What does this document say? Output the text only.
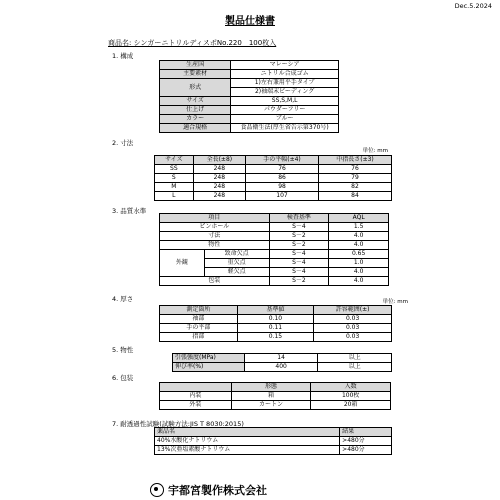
Dec.5.2024
製品仕様書
商品名: シンガーニトリルディスポNo.220　100枚入
1. 構成
生産国	マレーシア
主要素材	ニトリル合成ゴム
形式	1)左右兼用平手タイプ
	2)袖端末ビーディング
サイズ	SS,S,M,L
仕上げ	パウダーフリー
カラー	ブルー
適合規格	食品衛生法(厚生省告示第370号)
2. 寸法
単位: mm
サイズ	全長(±8)	手の平幅(±4)	中指長さ(±3)
SS	248	76	76
S	248	86	79
M	248	98	82
L	248	107	84
3. 品質水準
項目		検査基準	AQL
ピンホール		S－4	1.5
寸法		S－2	4.0
物性		S－2	4.0
外観	致命欠点	S－4	0.65
	重欠点	S－4	1.0
	軽欠点	S－4	4.0
包装		S－2	4.0
4. 厚さ	単位: mm
測定箇所	基準値	許容範囲(±)
袖部	0.10	0.03
手の平部	0.11	0.03
指部	0.15	0.03
5. 物性
引張強度(MPa)	14	以上
伸び率(%)	400	以上
6. 包装
	形態	入数
内装	箱	100枚
外装	カートン	20箱
7. 耐透過性試験(試験方法:JIS T 8030:2015)
薬品名	結果
40%水酸化ナトリウム	>480分
13%次亜塩素酸ナトリウム	>480分
宇都宮製作株式会社
